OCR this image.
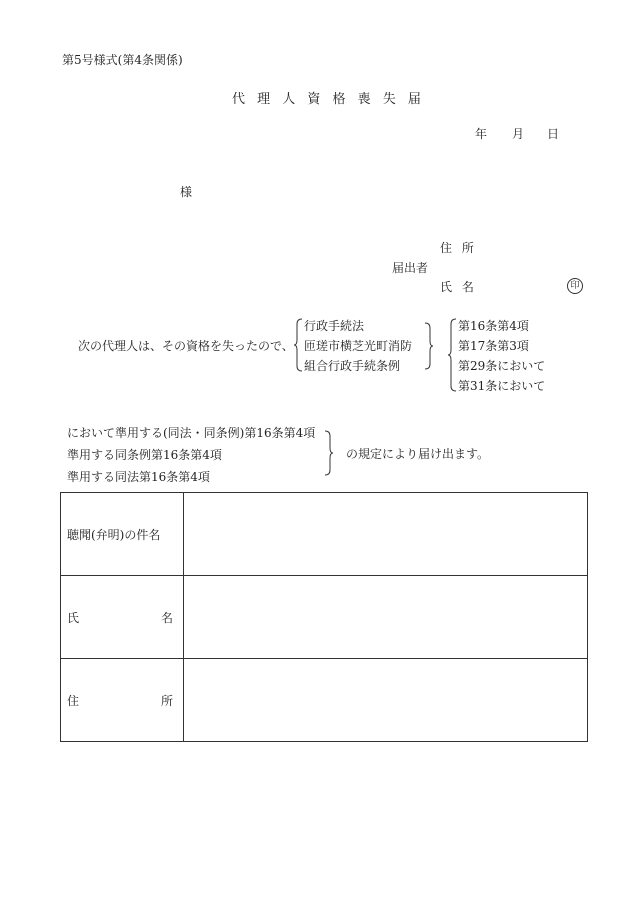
第5号様式(第4条関係)
代 理 人 資 格 喪 失 届
年 月 日
様
住 所
届出者
氏 名	印
次の代理人は、その資格を失ったので、
行政手続法
匝瑳市横芝光町消防
組合行政手続条例
第16条第4項
第17条第3項
第29条において
第31条において
において準用する(同法・同条例)第16条第4項
準用する同条例第16条第4項
準用する同法第16条第4項
の規定により届け出ます。
聴聞(弁明)の件名	

氏 名	

住 所	
